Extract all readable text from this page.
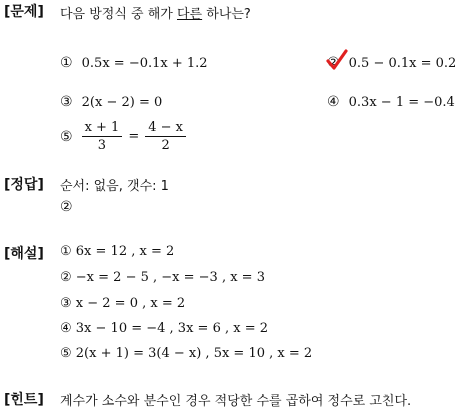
[문제] 다음 방정식 중 해가 다른 하나는?
① 0.5x = −0.1x + 1.2	② 0.5 − 0.1x = 0.2
③ 2(x − 2) = 0	④ 0.3x − 1 = −0.4
⑤ $\frac{x + 1}{3} = \frac{4 - x}{2}$
[정답] 순서: 없음, 갯수: 1
②
[해설] ① 6x = 12 , x = 2
② −x = 2 − 5 , −x = −3 , x = 3
③ x − 2 = 0 , x = 2
④ 3x − 10 = −4 , 3x = 6 , x = 2
⑤ 2(x + 1) = 3(4 − x) , 5x = 10 , x = 2
[힌트] 계수가 소수와 분수인 경우 적당한 수를 곱하여 정수로 고친다.
